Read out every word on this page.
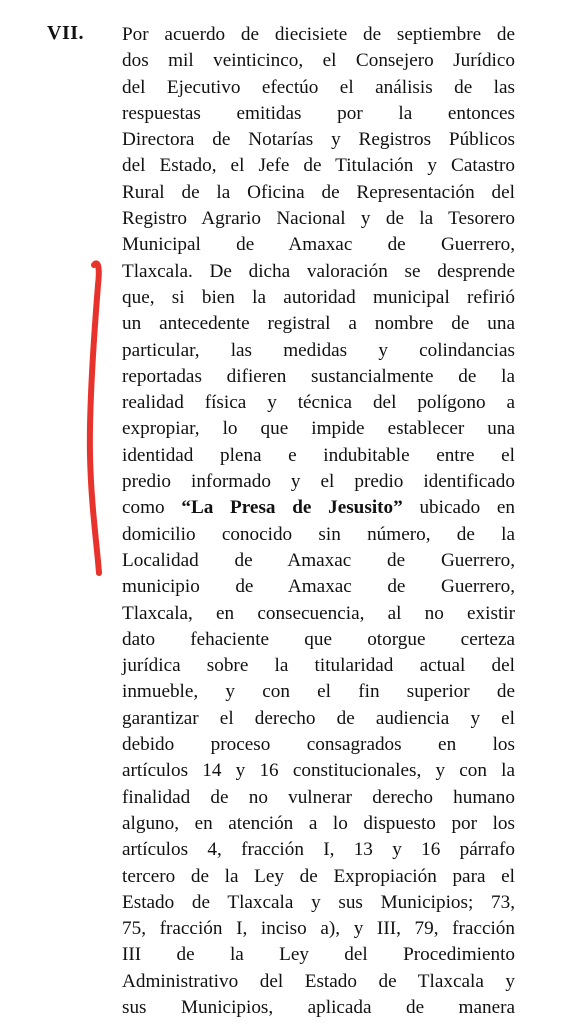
VII. Por acuerdo de diecisiete de septiembre de
dos mil veinticinco, el Consejero Jurídico
del Ejecutivo efectúo el análisis de las
respuestas emitidas por la entonces
Directora de Notarías y Registros Públicos
del Estado, el Jefe de Titulación y Catastro
Rural de la Oficina de Representación del
Registro Agrario Nacional y de la Tesorero
Municipal de Amaxac de Guerrero,
Tlaxcala. De dicha valoración se desprende
que, si bien la autoridad municipal refirió
un antecedente registral a nombre de una
particular, las medidas y colindancias
reportadas difieren sustancialmente de la
realidad física y técnica del polígono a
expropiar, lo que impide establecer una
identidad plena e indubitable entre el
predio informado y el predio identificado
como “La Presa de Jesusito” ubicado en
domicilio conocido sin número, de la
Localidad de Amaxac de Guerrero,
municipio de Amaxac de Guerrero,
Tlaxcala, en consecuencia, al no existir
dato fehaciente que otorgue certeza
jurídica sobre la titularidad actual del
inmueble, y con el fin superior de
garantizar el derecho de audiencia y el
debido proceso consagrados en los
artículos 14 y 16 constitucionales, y con la
finalidad de no vulnerar derecho humano
alguno, en atención a lo dispuesto por los
artículos 4, fracción I, 13 y 16 párrafo
tercero de la Ley de Expropiación para el
Estado de Tlaxcala y sus Municipios; 73,
75, fracción I, inciso a), y III, 79, fracción
III de la Ley del Procedimiento
Administrativo del Estado de Tlaxcala y
sus Municipios, aplicada de manera
